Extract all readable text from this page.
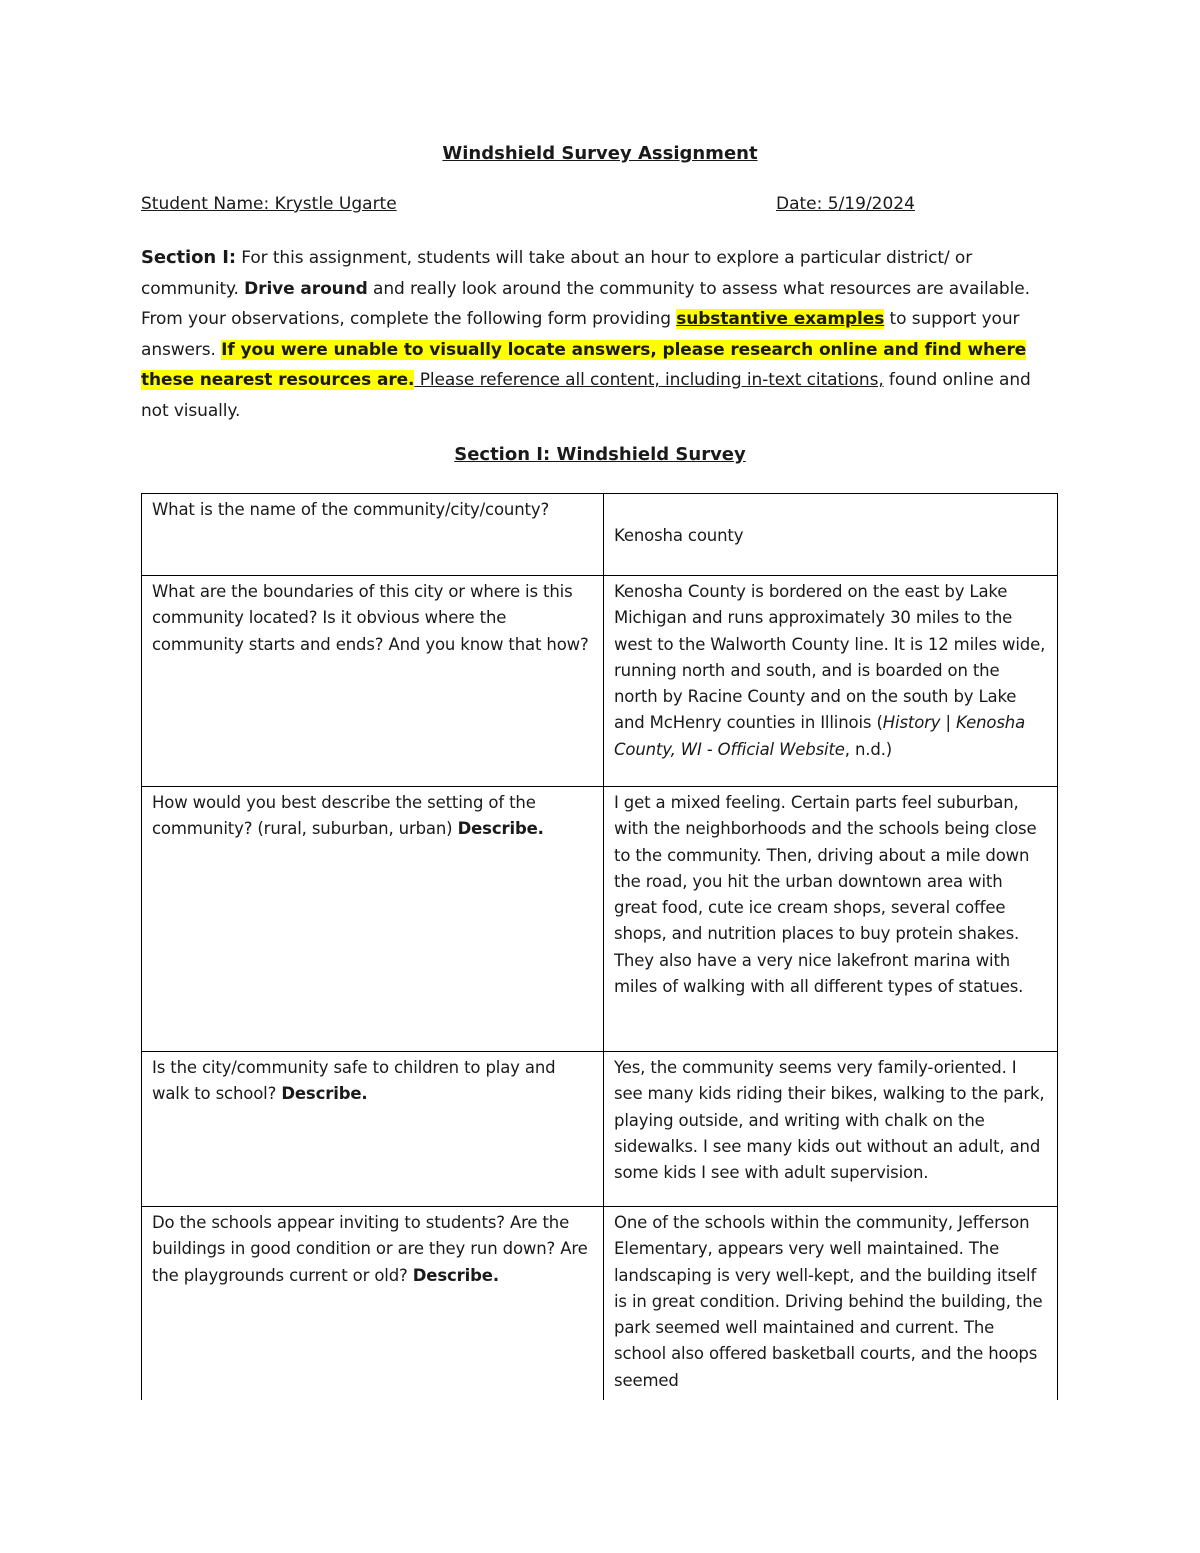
Windshield Survey Assignment
Student Name: Krystle Ugarte	Date: 5/19/2024
Section I: For this assignment, students will take about an hour to explore a particular district/ or community. Drive around and really look around the community to assess what resources are available. From your observations, complete the following form providing substantive examples to support your answers. If you were unable to visually locate answers, please research online and find where these nearest resources are. Please reference all content, including in-text citations, found online and not visually.
Section I: Windshield Survey
What is the name of the community/city/county?	Kenosha county

What are the boundaries of this city or where is this community located? Is it obvious where the community starts and ends? And you know that how?	Kenosha County is bordered on the east by Lake Michigan and runs approximately 30 miles to the west to the Walworth County line. It is 12 miles wide, running north and south, and is boarded on the north by Racine County and on the south by Lake and McHenry counties in Illinois (History | Kenosha County, WI - Official Website, n.d.)
How would you best describe the setting of the community? (rural, suburban, urban) Describe.	I get a mixed feeling. Certain parts feel suburban, with the neighborhoods and the schools being close to the community. Then, driving about a mile down the road, you hit the urban downtown area with great food, cute ice cream shops, several coffee shops, and nutrition places to buy protein shakes. They also have a very nice lakefront marina with miles of walking with all different types of statues.
Is the city/community safe to children to play and walk to school? Describe.	Yes, the community seems very family-oriented. I see many kids riding their bikes, walking to the park, playing outside, and writing with chalk on the sidewalks. I see many kids out without an adult, and some kids I see with adult supervision.
Do the schools appear inviting to students? Are the buildings in good condition or are they run down? Are the playgrounds current or old? Describe.	One of the schools within the community, Jefferson Elementary, appears very well maintained. The landscaping is very well-kept, and the building itself is in great condition. Driving behind the building, the park seemed well maintained and current. The school also offered basketball courts, and the hoops seemed
